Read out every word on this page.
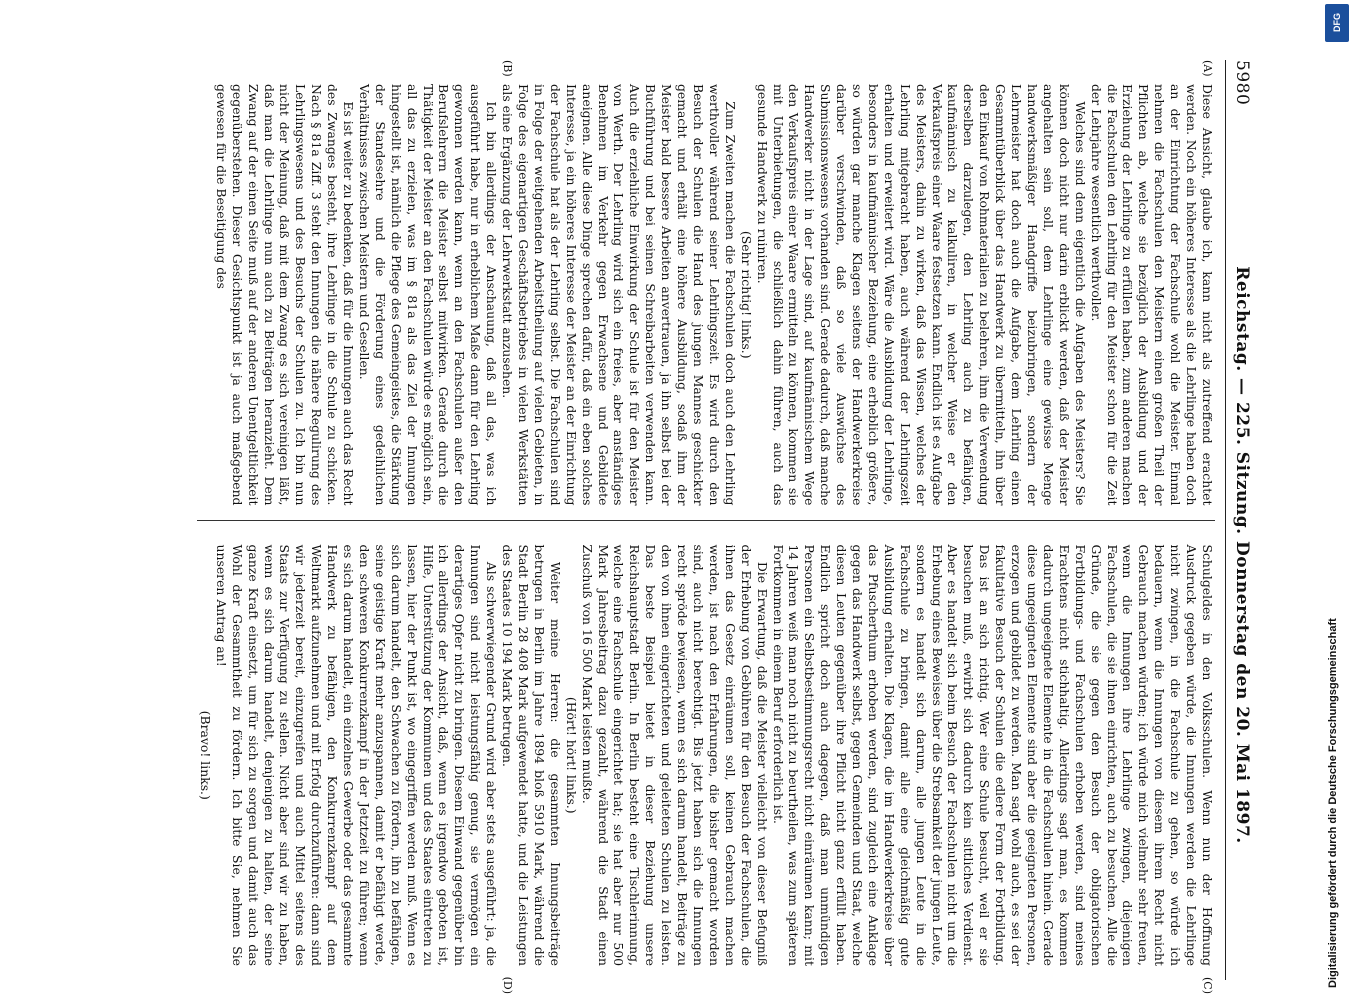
5980
Reichstag. — 225. Sitzung. Donnerstag den 20. Mai 1897.
(A)
(B)

Diese Ansicht, glaube ich, kann nicht als zutreffend erachtet werden. Noch ein höheres Interesse als die Lehrlinge haben doch an der Einrichtung der Fachschule wohl die Meister. Einmal nehmen die Fachschulen den Meistern einen großen Theil der Pflichten ab, welche sie bezüglich der Ausbildung und der Erziehung der Lehrlinge zu erfüllen haben, zum anderen machen die Fachschulen den Lehrling für den Meister schon für die Zeit der Lehrjahre wesentlich werthvoller.

Welches sind denn eigentlich die Aufgaben des Meisters? Sie können doch nicht nur darin erblickt werden, daß der Meister angehalten sein soll, dem Lehrlinge eine gewisse Menge handwerksmäßiger Handgriffe beizubringen, sondern der Lehrmeister hat doch auch die Aufgabe, dem Lehrling einen Gesammtüberblick über das Handwerk zu übermitteln, ihn über den Einkauf von Rohmaterialien zu belehren, ihm die Verwendung derselben darzulegen, den Lehrling auch zu befähigen, kaufmännisch zu kalkuliren, in welcher Weise er den Verkaufspreis einer Waare festsetzen kann. Endlich ist es Aufgabe des Meisters, dahin zu wirken, daß das Wissen, welches der Lehrling mitgebracht haben, auch während der Lehrlingszeit erhalten und erweitert wird. Wäre die Ausbildung der Lehrlinge, besonders in kaufmännischer Beziehung, eine erheblich größere, so würden gar manche Klagen seitens der Handwerkerkreise darüber verschwinden, daß so viele Auswüchse des Submissionswesens vorhanden sind. Gerade dadurch, daß manche Handwerker nicht in der Lage sind, auf kaufmännischem Wege den Verkaufspreis einer Waare ermitteln zu können, kommen sie mit Unterbietungen, die schließlich dahin führen, auch das gesunde Handwerk zu ruiniren.

(Sehr richtig! links.)

Zum Zweiten machen die Fachschulen doch auch den Lehrling werthvoller während seiner Lehrlingszeit. Es wird durch den Besuch der Schulen die Hand des jungen Mannes geschickter gemacht und erhält eine höhere Ausbildung, sodaß ihm der Meister bald bessere Arbeiten anvertrauen, ja ihn selbst bei der Buchführung und bei seinen Schreibarbeiten verwenden kann. Auch die erziehliche Einwirkung der Schule ist für den Meister von Werth. Der Lehrling wird sich ein freies, aber anständiges Benehmen im Verkehr gegen Erwachsene und Gebildete aneignen. Alle diese Dinge sprechen dafür, daß ein eben solches Interesse, ja ein höheres Interesse der Meister an der Einrichtung der Fachschule hat als der Lehrling selbst. Die Fachschulen sind in Folge der weitgehenden Arbeitstheilung auf vielen Gebieten, in Folge des eigenartigen Geschäftsbetriebes in vielen Werkstätten als eine Ergänzung der Lehrwerkstatt anzusehen.

Ich bin allerdings der Anschauung, daß all das, was ich ausgeführt habe, nur in erheblichem Maße dann für den Lehrling gewonnen werden kann, wenn an den Fachschulen außer den Berufslehrern die Meister selbst mitwirken. Gerade durch die Thätigkeit der Meister an den Fachschulen würde es möglich sein, all das zu erzielen, was im § 81a als das Ziel der Innungen hingestellt ist, nämlich die Pflege des Gemeingeistes, die Stärkung der Standesehre und die Förderung eines gedeihlichen Verhältnisses zwischen Meistern und Gesellen.

Es ist weiter zu bedenken, daß für die Innungen auch das Recht des Zwanges besteht, ihre Lehrlinge in die Schule zu schicken. Nach § 81a Ziff. 3 steht den Innungen die nähere Regulirung des Lehrlingswesens und des Besuchs der Schulen zu. Ich bin nun nicht der Meinung, daß mit dem Zwang es sich vereinigen läßt, daß man die Lehrlinge nun auch zu Beiträgen heranzieht. Dem Zwang auf der einen Seite muß auf der anderen Unentgeltlichkeit gegenüberstehen. Dieser Gesichtspunkt ist ja auch maßgebend gewesen für die Beseitigung des

(C)
(D)

Schulgeldes in den Volksschulen. Wenn nun der Hoffnung Ausdruck gegeben würde, die Innungen werden die Lehrlinge nicht zwingen, in die Fachschule zu gehen, so würde ich bedauern, wenn die Innungen von diesem ihrem Recht nicht Gebrauch machen würden; ich würde mich vielmehr sehr freuen, wenn die Innungen ihre Lehrlinge zwingen, diejenigen Fachschulen, die sie ihnen einrichten, auch zu besuchen. Alle die Gründe, die sie gegen den Besuch der obligatorischen Fortbildungs- und Fachschulen erhoben werden, sind meines Erachtens nicht stichhaltig. Allerdings sagt man, es kommen dadurch ungeeignete Elemente in die Fachschulen hinein. Gerade diese ungeeigneten Elemente sind aber die geeigneten Personen, erzogen und gebildet zu werden. Man sagt wohl auch, es sei der fakultative Besuch der Schulen die edlere Form der Fortbildung. Das ist an sich richtig. Wer eine Schule besucht, weil er sie besuchen muß, erwirbt sich dadurch kein sittliches Verdienst. Aber es handelt sich beim Besuch der Fachschulen nicht um die Erhebung eines Beweises über die Strebsamkeit der jungen Leute, sondern es handelt sich darum, alle jungen Leute in die Fachschule zu bringen, damit alle eine gleichmäßig gute Ausbildung erhalten. Die Klagen, die im Handwerkerkreise über das Pfuscherthum erhoben werden, sind zugleich eine Anklage gegen das Handwerk selbst, gegen Gemeinden und Staat, welche diesen Leuten gegenüber ihre Pflicht nicht ganz erfüllt haben. Endlich spricht doch auch dagegen, daß man unmündigen Personen ein Selbstbestimmungsrecht nicht einräumen kann; mit 14 Jahren weiß man noch nicht zu beurtheilen, was zum späteren Fortkommen in einem Beruf erforderlich ist.

Die Erwartung, daß die Meister vielleicht von dieser Befugniß der Erhebung von Gebühren für den Besuch der Fachschulen, die ihnen das Gesetz einräumen soll, keinen Gebrauch machen werden, ist nach den Erfahrungen, die bisher gemacht worden sind, auch nicht berechtigt. Bis jetzt haben sich die Innungen recht spröde bewiesen, wenn es sich darum handelt, Beiträge zu den von ihnen eingerichteten und geleiteten Schulen zu leisten. Das beste Beispiel bietet in dieser Beziehung unsere Reichshauptstadt Berlin. In Berlin besteht eine Tischlerinnung, welche eine Fachschule eingerichtet hat; sie hat aber nur 500 Mark Jahresbeitrag dazu gezahlt, während die Stadt einen Zuschuß von 16 500 Mark leisten mußte.

(Hört! hört! links.)

Weiter meine Herren: die gesammten Innungsbeiträge betrugen in Berlin im Jahre 1894 bloß 5910 Mark, während die Stadt Berlin 28 408 Mark aufgewendet hatte, und die Leistungen des Staates 10 194 Mark betrugen.

Als schwerwiegender Grund wird aber stets ausgeführt: ja, die Innungen sind nicht leistungsfähig genug, sie vermögen ein derartiges Opfer nicht zu bringen. Diesem Einwand gegenüber bin ich allerdings der Ansicht, daß, wenn es irgendwo geboten ist, Hilfe, Unterstützung der Kommunen und des Staates eintreten zu lassen, hier der Punkt ist, wo eingegriffen werden muß. Wenn es sich darum handelt, den Schwachen zu fördern, ihn zu befähigen, seine geistige Kraft mehr anzuspannen, damit er befähigt werde, den schweren Konkurrenzkampf in der Jetztzeit zu führen; wenn es sich darum handelt, ein einzelnes Gewerbe oder das gesammte Handwerk zu befähigen, den Konkurrenzkampf auf dem Weltmarkt aufzunehmen und mit Erfolg durchzuführen: dann sind wir jederzeit bereit, einzugreifen und auch Mittel seitens des Staats zur Verfügung zu stellen. Nicht aber sind wir zu haben, wenn es sich darum handelt, denjenigen zu halten, der seine ganze Kraft einsetzt, um für sich zu sorgen und damit auch das Wohl der Gesammtheit zu fördern. Ich bitte Sie, nehmen Sie unseren Antrag an!

(Bravo! links.)

DFG
Digitalisierung gefördert durch die Deutsche Forschungsgemeinschaft
